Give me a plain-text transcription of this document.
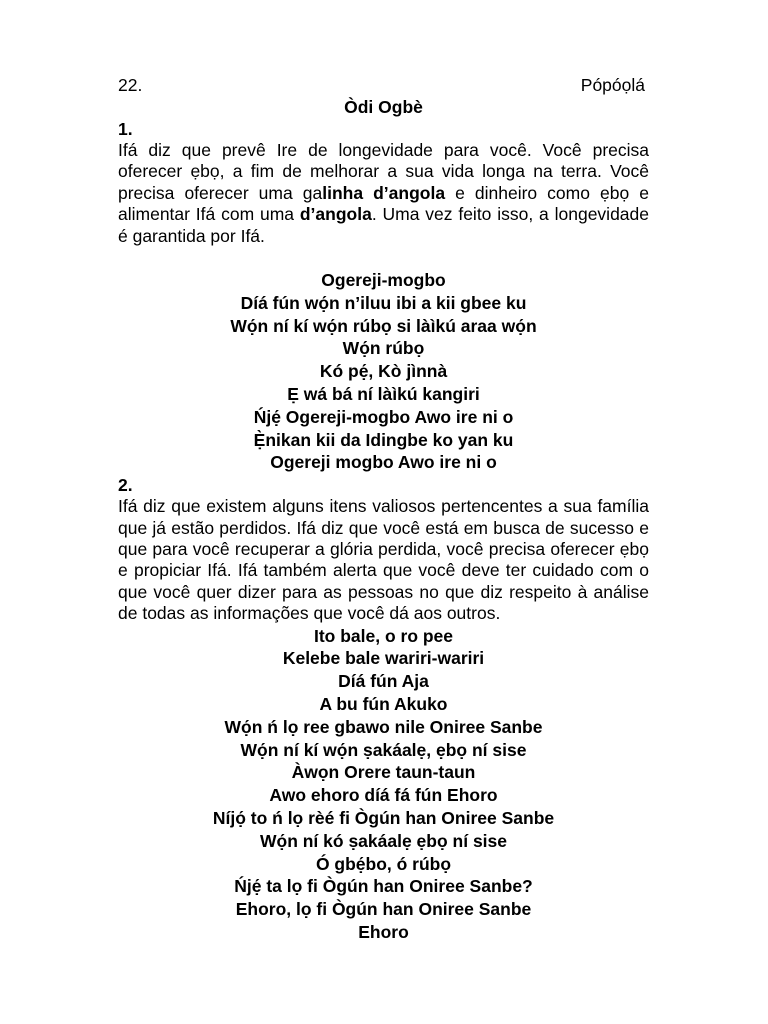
22.	Pópóọlá
Òdi Ogbè
1.

Ifá diz que prevê Ire de longevidade para você. Você precisa oferecer ẹbọ, a fim de melhorar a sua vida longa na terra. Você precisa oferecer uma galinha d’angola e dinheiro como ẹbọ e alimentar Ifá com uma d’angola. Uma vez feito isso, a longevidade é garantida por Ifá.

Ogereji-mogbo
Díá fún wọ́n n’iluu ibi a kii gbee ku
Wọ́n ní kí wọ́n rúbọ si làìkú araa wọ́n
Wọ́n rúbọ
Kó pẹ́, Kò jìnnà
Ẹ wá bá ní làìkú kangiri
Ńjẹ́ Ogereji-mogbo Awo ire ni o
Ẹ̀nikan kii da Idingbe ko yan ku
Ogereji mogbo Awo ire ni o
2.

Ifá diz que existem alguns itens valiosos pertencentes a sua família que já estão perdidos. Ifá diz que você está em busca de sucesso e que para você recuperar a glória perdida, você precisa oferecer ẹbọ e propiciar Ifá. Ifá também alerta que você deve ter cuidado com o que você quer dizer para as pessoas no que diz respeito à análise de todas as informações que você dá aos outros.

Ito bale, o ro pee
Kelebe bale wariri-wariri
Díá fún Aja
A bu fún Akuko
Wọ́n ń lọ ree gbawo nile Oniree Sanbe
Wọ́n ní kí wọ́n ṣakáalẹ, ẹbọ ní sise
Àwọn Orere taun-taun
Awo ehoro díá fá fún Ehoro
Níjọ́ to ń lọ rèé fi Ògún han Oniree Sanbe
Wọ́n ní kó ṣakáalẹ ẹbọ ní sise
Ó gbẹ́bo, ó rúbọ
Ńjẹ́ ta lọ fi Ògún han Oniree Sanbe?
Ehoro, lọ fi Ògún han Oniree Sanbe
Ehoro
